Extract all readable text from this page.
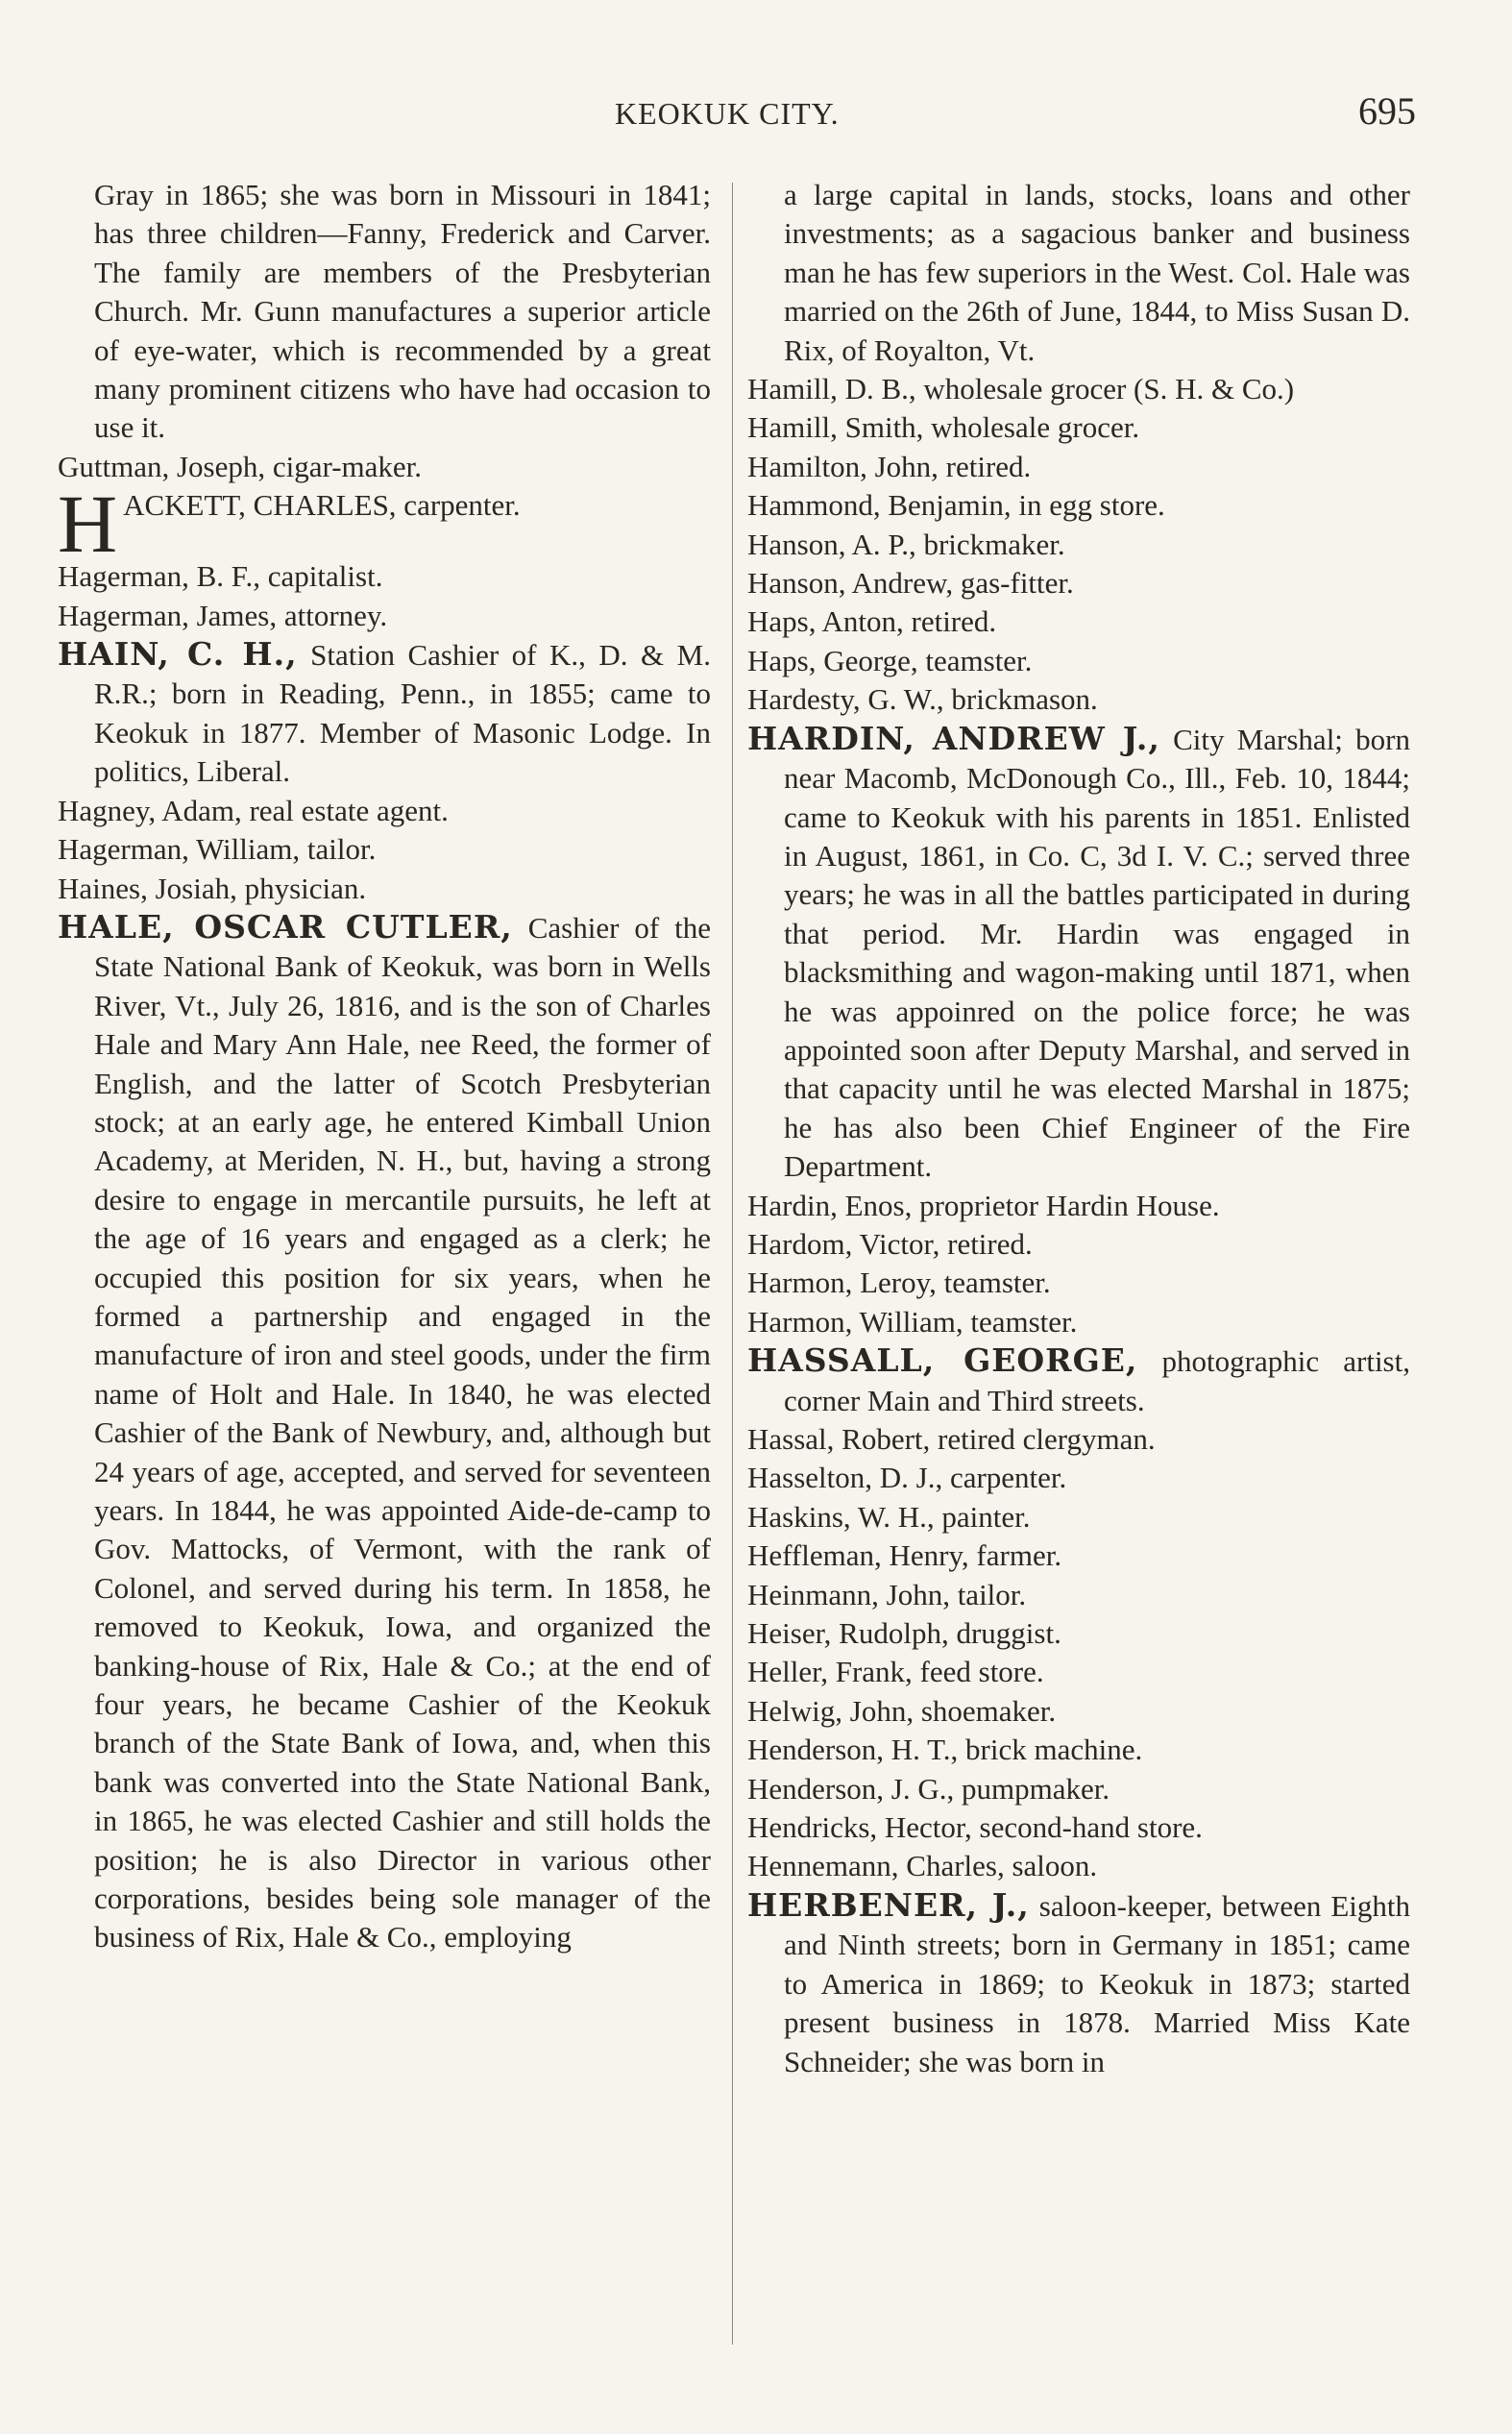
KEOKUK CITY.	695
Gray in 1865; she was born in Missouri in 1841; has three children—Fanny, Frederick and Carver. The family are members of the Presbyterian Church. Mr. Gunn manufactures a superior article of eye-water, which is recommended by a great many prominent citizens who have had occasion to use it.
Guttman, Joseph, cigar-maker.
HACKETT, CHARLES, carpenter.
Hagerman, B. F., capitalist.
Hagerman, James, attorney.
HAIN, C. H., Station Cashier of K., D. & M. R.R.; born in Reading, Penn., in 1855; came to Keokuk in 1877. Member of Masonic Lodge. In politics, Liberal.
Hagney, Adam, real estate agent.
Hagerman, William, tailor.
Haines, Josiah, physician.
HALE, OSCAR CUTLER, Cashier of the State National Bank of Keokuk, was born in Wells River, Vt., July 26, 1816, and is the son of Charles Hale and Mary Ann Hale, nee Reed, the former of English, and the latter of Scotch Presbyterian stock; at an early age, he entered Kimball Union Academy, at Meriden, N. H., but, having a strong desire to engage in mercantile pursuits, he left at the age of 16 years and engaged as a clerk; he occupied this position for six years, when he formed a partnership and engaged in the manufacture of iron and steel goods, under the firm name of Holt and Hale. In 1840, he was elected Cashier of the Bank of Newbury, and, although but 24 years of age, accepted, and served for seventeen years. In 1844, he was appointed Aide-de-camp to Gov. Mattocks, of Vermont, with the rank of Colonel, and served during his term. In 1858, he removed to Keokuk, Iowa, and organized the banking-house of Rix, Hale & Co.; at the end of four years, he became Cashier of the Keokuk branch of the State Bank of Iowa, and, when this bank was converted into the State National Bank, in 1865, he was elected Cashier and still holds the position; he is also Director in various other corporations, besides being sole manager of the business of Rix, Hale & Co., employing
a large capital in lands, stocks, loans and other investments; as a sagacious banker and business man he has few superiors in the West. Col. Hale was married on the 26th of June, 1844, to Miss Susan D. Rix, of Royalton, Vt.
Hamill, D. B., wholesale grocer (S. H. & Co.)
Hamill, Smith, wholesale grocer.
Hamilton, John, retired.
Hammond, Benjamin, in egg store.
Hanson, A. P., brickmaker.
Hanson, Andrew, gas-fitter.
Haps, Anton, retired.
Haps, George, teamster.
Hardesty, G. W., brickmason.
HARDIN, ANDREW J., City Marshal; born near Macomb, McDonough Co., Ill., Feb. 10, 1844; came to Keokuk with his parents in 1851. Enlisted in August, 1861, in Co. C, 3d I. V. C.; served three years; he was in all the battles participated in during that period. Mr. Hardin was engaged in blacksmithing and wagon-making until 1871, when he was appoinred on the police force; he was appointed soon after Deputy Marshal, and served in that capacity until he was elected Marshal in 1875; he has also been Chief Engineer of the Fire Department.
Hardin, Enos, proprietor Hardin House.
Hardom, Victor, retired.
Harmon, Leroy, teamster.
Harmon, William, teamster.
HASSALL, GEORGE, photographic artist, corner Main and Third streets.
Hassal, Robert, retired clergyman.
Hasselton, D. J., carpenter.
Haskins, W. H., painter.
Heffleman, Henry, farmer.
Heinmann, John, tailor.
Heiser, Rudolph, druggist.
Heller, Frank, feed store.
Helwig, John, shoemaker.
Henderson, H. T., brick machine.
Henderson, J. G., pumpmaker.
Hendricks, Hector, second-hand store.
Hennemann, Charles, saloon.
HERBENER, J., saloon-keeper, between Eighth and Ninth streets; born in Germany in 1851; came to America in 1869; to Keokuk in 1873; started present business in 1878. Married Miss Kate Schneider; she was born in
